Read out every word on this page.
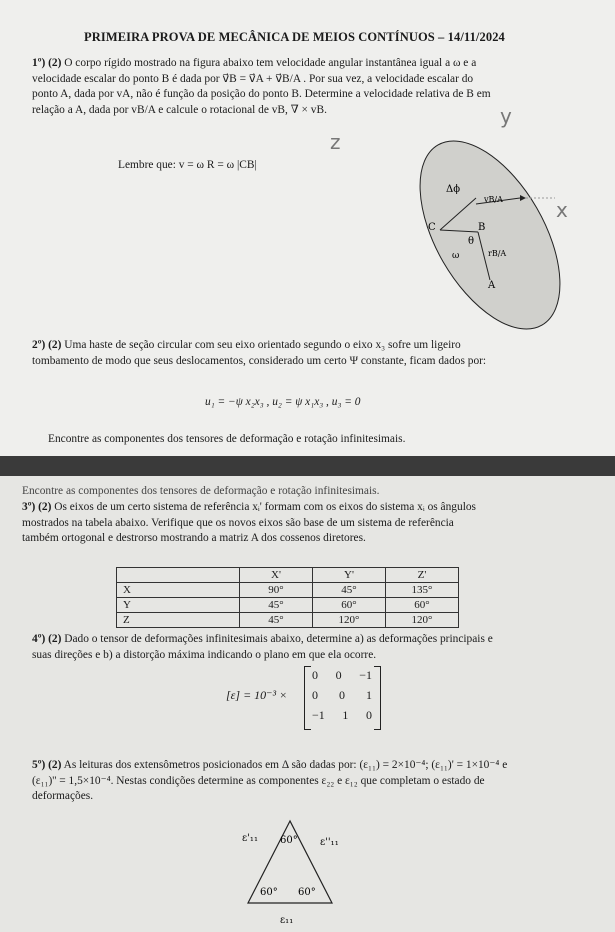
PRIMEIRA PROVA DE MECÂNICA DE MEIOS CONTÍNUOS – 14/11/2024
1º) (2) O corpo rígido mostrado na figura abaixo tem velocidade angular instantânea igual a ω e a
velocidade escalar do ponto B é dada por v⃗B = v⃗A + v⃗B/A . Por sua vez, a velocidade escalar do
ponto A, dada por vA, não é função da posição do ponto B. Determine a velocidade relativa de B em
relação a A, dada por vB/A e calcule o rotacional de vB, ∇ × vB.
Lembre que: v = ω R = ω |CB|
y
z
x
Δϕ
vB/A
C	B
θ
ω	rB/A
A
2º) (2) Uma haste de seção circular com seu eixo orientado segundo o eixo x₃ sofre um ligeiro
tombamento de modo que seus deslocamentos, considerado um certo Ψ constante, ficam dados por:
u₁ = −ψ x₂x₃ , u₂ = ψ x₁x₃ , u₃ = 0
Encontre as componentes dos tensores de deformação e rotação infinitesimais.
Encontre as componentes dos tensores de deformação e rotação infinitesimais.
3º) (2) Os eixos de um certo sistema de referência xᵢ' formam com os eixos do sistema xᵢ os ângulos
mostrados na tabela abaixo. Verifique que os novos eixos são base de um sistema de referência
também ortogonal e destrorso mostrando a matriz A dos cossenos diretores.
	X'	Y'	Z'
X	90°	45°	135°
Y	45°	60°	60°
Z	45°	120°	120°
4º) (2) Dado o tensor de deformações infinitesimais abaixo, determine a) as deformações principais e
suas direções e b) a distorção máxima indicando o plano em que ela ocorre.
[ε] = 10⁻³ ×
0 0 −1
0 0 1
−1 1 0
5º) (2) As leituras dos extensômetros posicionados em Δ são dadas por: (ε₁₁) = 2×10⁻⁴; (ε₁₁)' = 1×10⁻⁴ e
(ε₁₁)'' = 1,5×10⁻⁴. Nestas condições determine as componentes ε₂₂ e ε₁₂ que completam o estado de
deformações.
ε'₁₁ 60° ε''₁₁
60° 60°
ε₁₁
